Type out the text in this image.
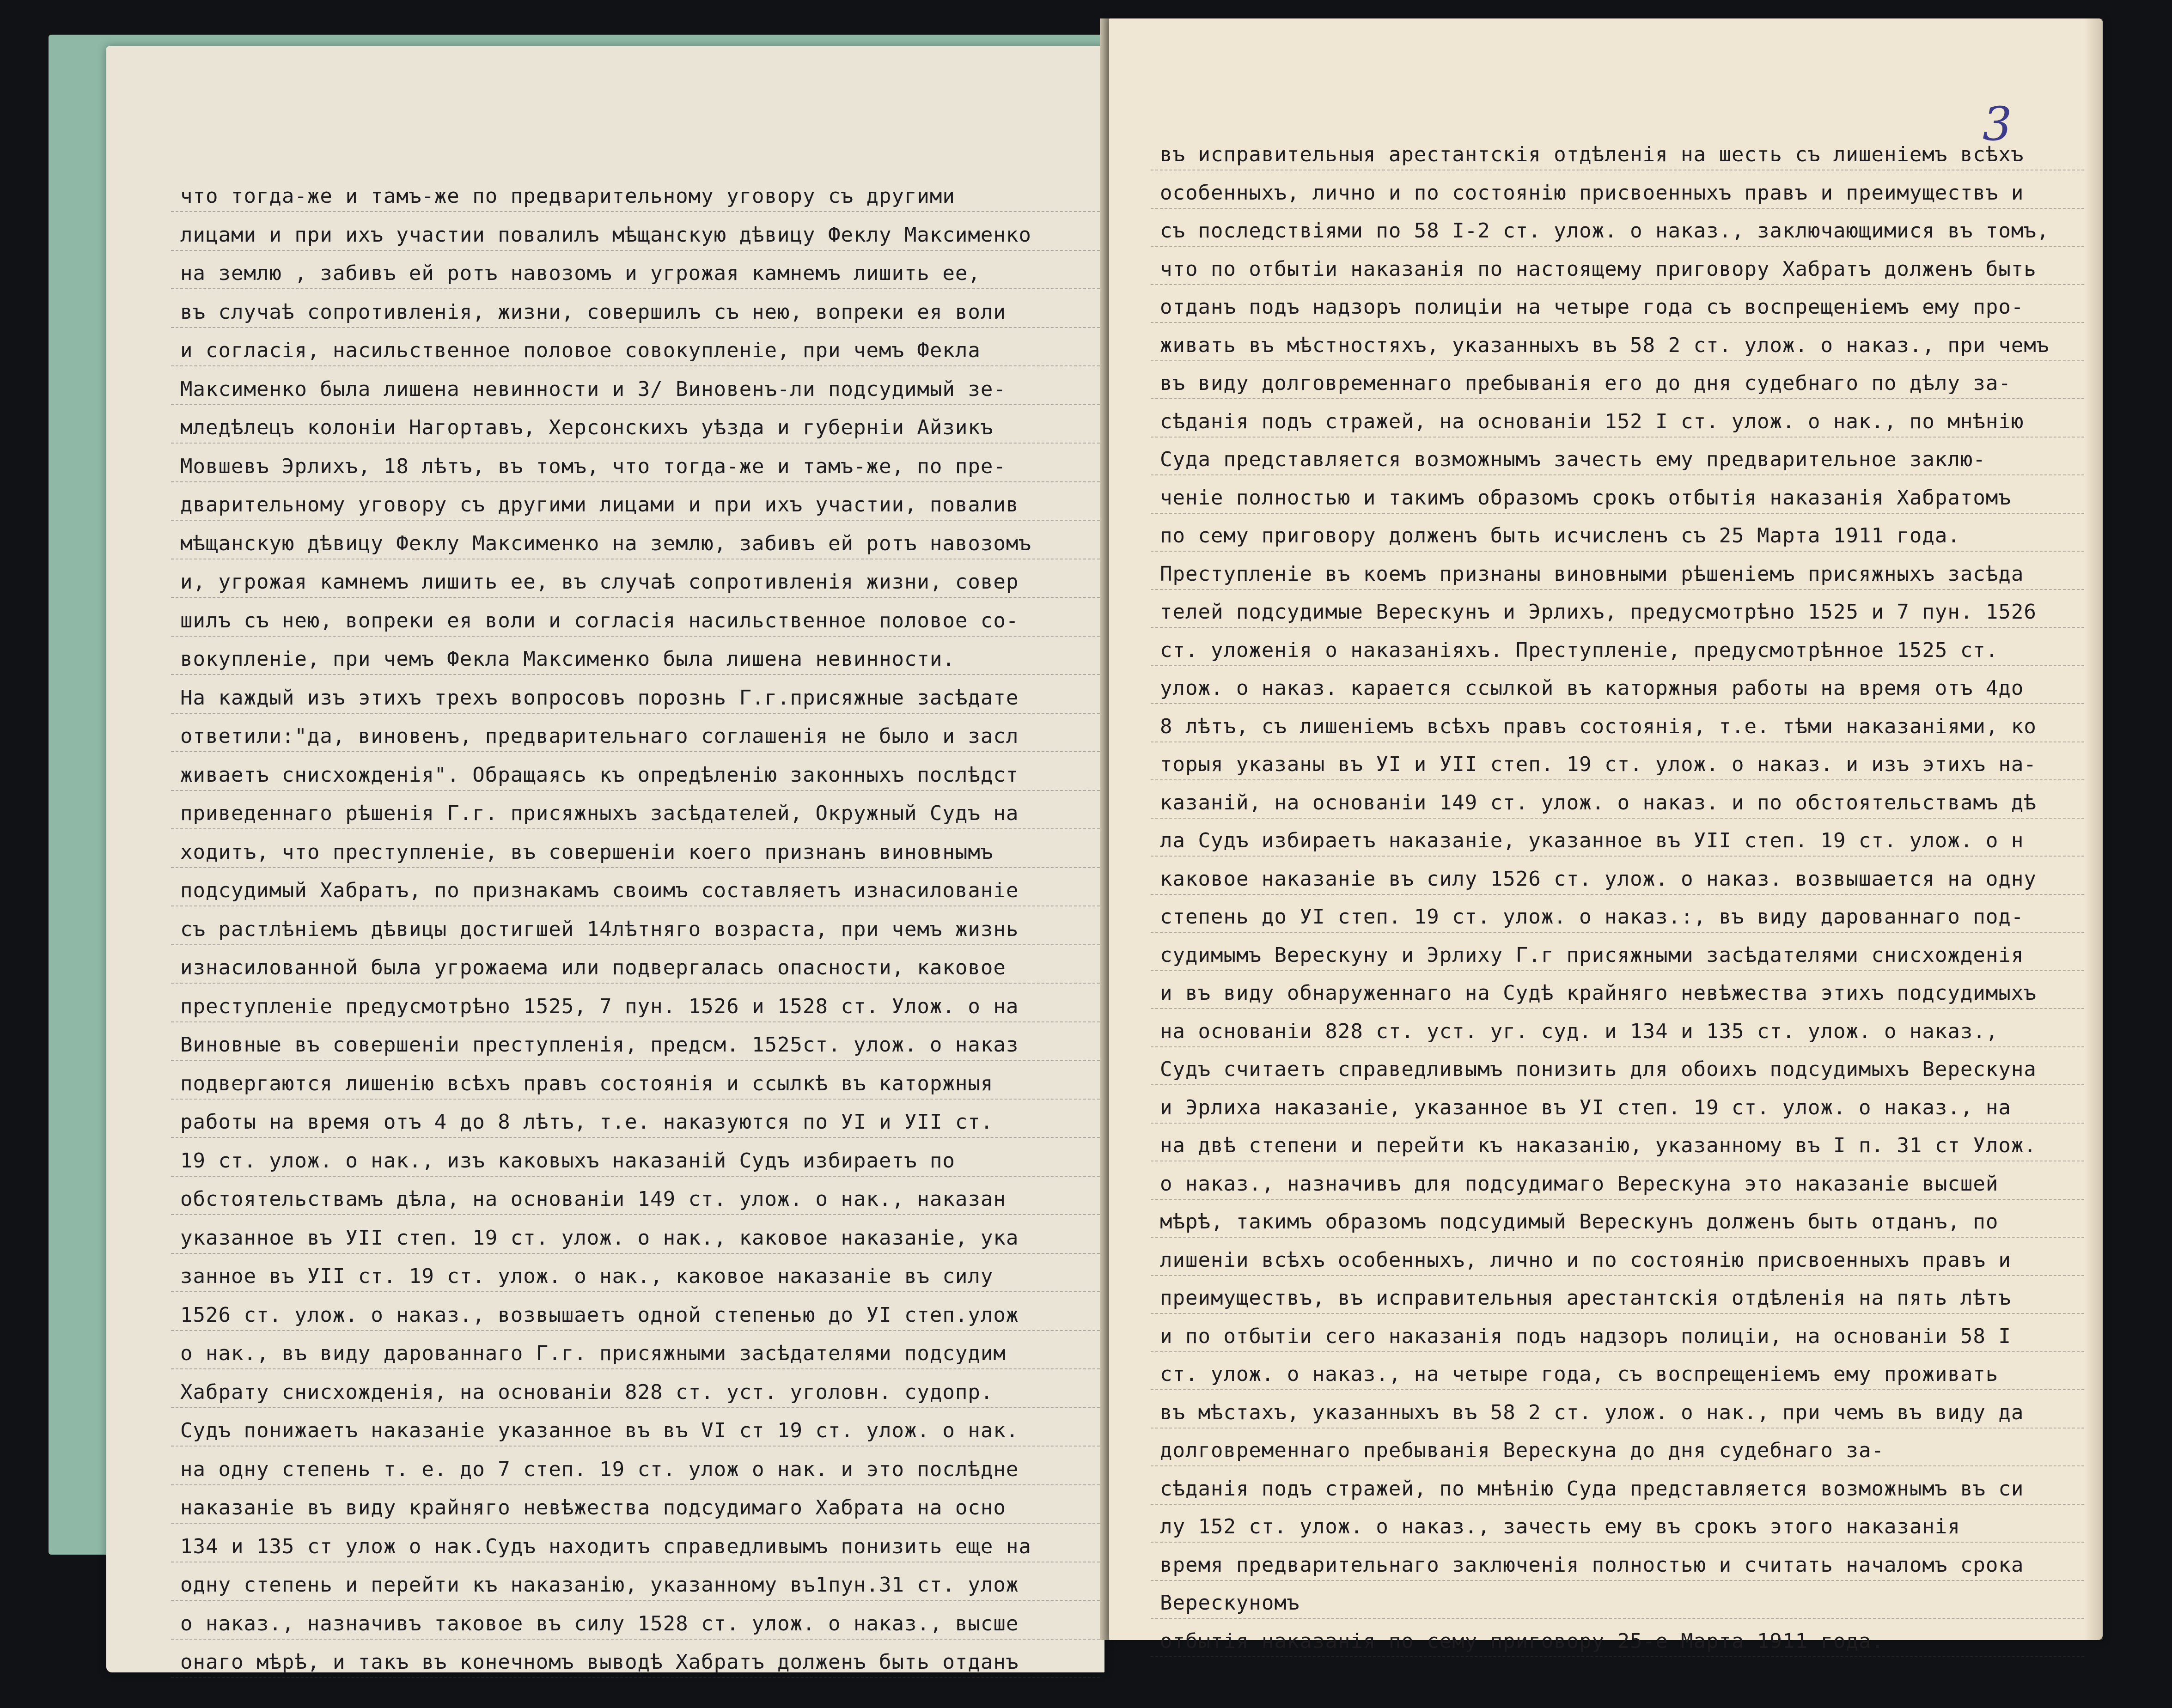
что тогда-же и тамъ-же по предварительному уговору съ другими
лицами и при ихъ участии повалилъ мѣщанскую дѣвицу Феклу Максименко
на землю , забивъ ей ротъ навозомъ и угрожая камнемъ лишить ее,
въ случаѣ сопротивленія, жизни, совершилъ съ нею, вопреки ея воли
и согласія, насильственное половое совокупленіе, при чемъ Фекла
Максименко была лишена невинности и 3/ Виновенъ-ли подсудимый зе-
мледѣлецъ колоніи Нагортавъ, Херсонскихъ уѣзда и губерніи Айзикъ
Мовшевъ Эрлихъ, 18 лѣтъ, въ томъ, что тогда-же и тамъ-же, по пре-
дварительному уговору съ другими лицами и при ихъ участии, повалив
мѣщанскую дѣвицу Феклу Максименко на землю, забивъ ей ротъ навозомъ
и, угрожая камнемъ лишить ее, въ случаѣ сопротивленія жизни, совер
шилъ съ нею, вопреки ея воли и согласія насильственное половое со-
вокупленіе, при чемъ Фекла Максименко была лишена невинности.
На каждый изъ этихъ трехъ вопросовъ порознь Г.г.присяжные засѣдате
ответили:"да, виновенъ, предварительнаго соглашенія не было и засл
живаетъ снисхожденія". Обращаясь къ опредѣленію законныхъ послѣдст
приведеннаго рѣшенія Г.г. присяжныхъ засѣдателей, Окружный Судъ на
ходитъ, что преступленіе, въ совершеніи коего признанъ виновнымъ
подсудимый Хабратъ, по признакамъ своимъ составляетъ изнасилованіе
съ растлѣніемъ дѣвицы достигшей 14лѣтняго возраста, при чемъ жизнь
изнасилованной была угрожаема или подвергалась опасности, каковое
преступленіе предусмотрѣно 1525, 7 пун. 1526 и 1528 ст. Улож. о на
Виновные въ совершеніи преступленія, предсм. 1525ст. улож. о наказ
подвергаются лишенію всѣхъ правъ состоянія и ссылкѣ въ каторжныя
работы на время отъ 4 до 8 лѣтъ, т.е. наказуются по УI и УII ст.
19 ст. улож. о нак., изъ каковыхъ наказаній Судъ избираетъ по
обстоятельствамъ дѣла, на основаніи 149 ст. улож. о нак., наказан
указанное въ УII степ. 19 ст. улож. о нак., каковое наказаніе, ука
занное въ УII ст. 19 ст. улож. о нак., каковое наказаніе въ силу
1526 ст. улож. о наказ., возвышаетъ одной степенью до УI степ.улож
о нак., въ виду дарованнаго Г.г. присяжными засѣдателями подсудим
Хабрату снисхожденія, на основаніи 828 ст. уст. уголовн. судопр.
Судъ понижаетъ наказаніе указанное въ въ VI ст 19 ст. улож. о нак.
на одну степень т. е. до 7 степ. 19 ст. улож о нак. и это послѣдне
наказаніе въ виду крайняго невѣжества подсудимаго Хабрата на осно
134 и 135 ст улож о нак.Судъ находитъ справедливымъ понизить еще на
одну степень и перейти къ наказанію, указанному въ1пун.31 ст. улож
о наказ., назначивъ таковое въ силу 1528 ст. улож. о наказ., высше
онаго мѣрѣ, и такъ въ конечномъ выводѣ Хабратъ долженъ быть отданъ
3
въ исправительныя арестантскія отдѣленія на шесть съ лишеніемъ всѣхъ
особенныхъ, лично и по состоянію присвоенныхъ правъ и преимуществъ и
съ последствіями по 58 I-2 ст. улож. о наказ., заключающимися въ томъ,
что по отбытіи наказанія по настоящему приговору Хабратъ долженъ быть
отданъ подъ надзоръ полиціи на четыре года съ воспрещеніемъ ему про-
живать въ мѣстностяхъ, указанныхъ въ 58 2 ст. улож. о наказ., при чемъ
въ виду долговременнаго пребыванія его до дня судебнаго по дѣлу за-
сѣданія подъ стражей, на основаніи 152 I ст. улож. о нак., по мнѣнію
Суда представляется возможнымъ зачесть ему предварительное заклю-
ченіе полностью и такимъ образомъ срокъ отбытія наказанія Хабратомъ
по сему приговору долженъ быть исчисленъ съ 25 Марта 1911 года.
Преступленіе въ коемъ признаны виновными рѣшеніемъ присяжныхъ засѣда
телей подсудимые Верескунъ и Эрлихъ, предусмотрѣно 1525 и 7 пун. 1526
ст. уложенія о наказаніяхъ. Преступленіе, предусмотрѣнное 1525 ст.
улож. о наказ. карается ссылкой въ каторжныя работы на время отъ 4до
8 лѣтъ, съ лишеніемъ всѣхъ правъ состоянія, т.е. тѣми наказаніями, ко
торыя указаны въ УI и УII степ. 19 ст. улож. о наказ. и изъ этихъ на-
казаній, на основаніи 149 ст. улож. о наказ. и по обстоятельствамъ дѣ
ла Судъ избираетъ наказаніе, указанное въ УII степ. 19 ст. улож. о н
каковое наказаніе въ силу 1526 ст. улож. о наказ. возвышается на одну
степень до УI степ. 19 ст. улож. о наказ.:, въ виду дарованнаго под-
судимымъ Верескуну и Эрлиху Г.г присяжными засѣдателями снисхожденія
и въ виду обнаруженнаго на Судѣ крайняго невѣжества этихъ подсудимыхъ
на основаніи 828 ст. уст. уг. суд. и 134 и 135 ст. улож. о наказ.,
Судъ считаетъ справедливымъ понизить для обоихъ подсудимыхъ Верескуна
и Эрлиха наказаніе, указанное въ УI степ. 19 ст. улож. о наказ., на
на двѣ степени и перейти къ наказанію, указанному въ I п. 31 ст Улож.
о наказ., назначивъ для подсудимаго Верескуна это наказаніе высшей
мѣрѣ, такимъ образомъ подсудимый Верескунъ долженъ быть отданъ, по
лишеніи всѣхъ особенныхъ, лично и по состоянію присвоенныхъ правъ и
преимуществъ, въ исправительныя арестантскія отдѣленія на пять лѣтъ
и по отбытіи сего наказанія подъ надзоръ полиціи, на основаніи 58 I
ст. улож. о наказ., на четыре года, съ воспрещеніемъ ему проживать
въ мѣстахъ, указанныхъ въ 58 2 ст. улож. о нак., при чемъ въ виду да
долговременнаго пребыванія Верескуна до дня судебнаго за-
сѣданія подъ стражей, по мнѣнію Суда представляется возможнымъ въ си
лу 152 ст. улож. о наказ., зачесть ему въ срокъ этого наказанія
время предварительнаго заключенія полностью и считать началомъ срока
Верескуномъ
отбытія наказанія по сему приговору 25-е Марта 1911 года.
